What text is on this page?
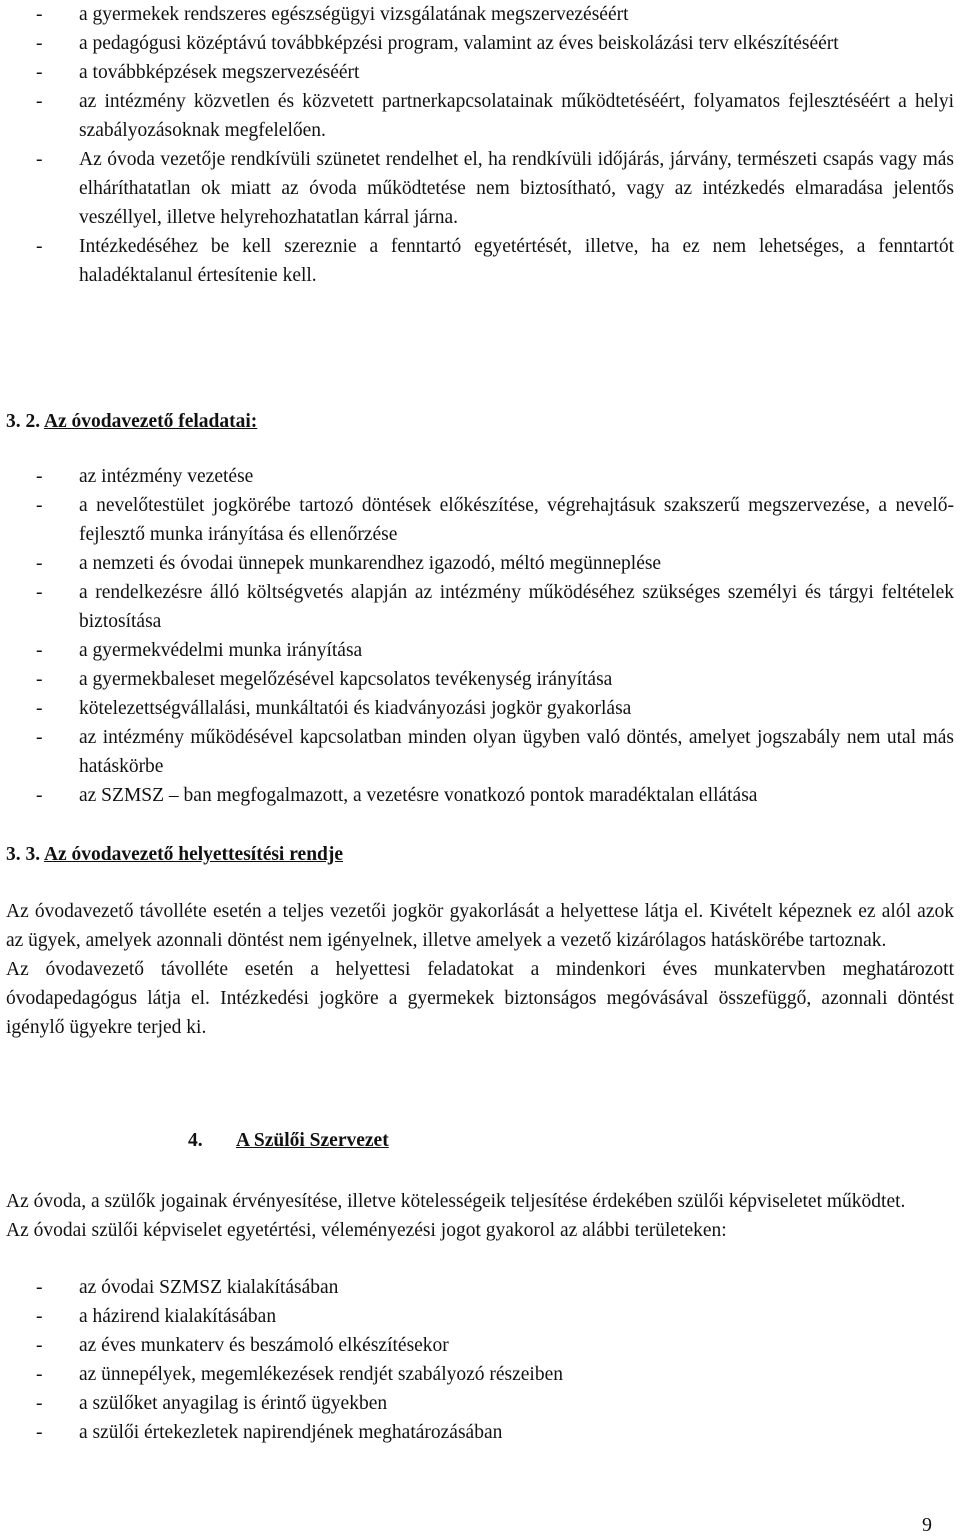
- a gyermekek rendszeres egészségügyi vizsgálatának megszervezéséért
- a pedagógusi középtávú továbbképzési program, valamint az éves beiskolázási terv elkészítéséért
- a továbbképzések megszervezéséért
- az intézmény közvetlen és közvetett partnerkapcsolatainak működtetéséért, folyamatos fejlesztéséért a helyi szabályozásoknak megfelelően.
- Az óvoda vezetője rendkívüli szünetet rendelhet el, ha rendkívüli időjárás, járvány, természeti csapás vagy más elháríthatatlan ok miatt az óvoda működtetése nem biztosítható, vagy az intézkedés elmaradása jelentős veszéllyel, illetve helyrehozhatatlan kárral járna.
- Intézkedéséhez be kell szereznie a fenntartó egyetértését, illetve, ha ez nem lehetséges, a fenntartót haladéktalanul értesítenie kell.
3. 2. Az óvodavezető feladatai:
- az intézmény vezetése
- a nevelőtestület jogkörébe tartozó döntések előkészítése, végrehajtásuk szakszerű megszervezése, a nevelő-fejlesztő munka irányítása és ellenőrzése
- a nemzeti és óvodai ünnepek munkarendhez igazodó, méltó megünneplése
- a rendelkezésre álló költségvetés alapján az intézmény működéséhez szükséges személyi és tárgyi feltételek biztosítása
- a gyermekvédelmi munka irányítása
- a gyermekbaleset megelőzésével kapcsolatos tevékenység irányítása
- kötelezettségvállalási, munkáltatói és kiadványozási jogkör gyakorlása
- az intézmény működésével kapcsolatban minden olyan ügyben való döntés, amelyet jogszabály nem utal más hatáskörbe
- az SZMSZ – ban megfogalmazott, a vezetésre vonatkozó pontok maradéktalan ellátása
3. 3. Az óvodavezető helyettesítési rendje

Az óvodavezető távolléte esetén a teljes vezetői jogkör gyakorlását a helyettese látja el. Kivételt képeznek ez alól azok az ügyek, amelyek azonnali döntést nem igényelnek, illetve amelyek a vezető kizárólagos hatáskörébe tartoznak.

Az óvodavezető távolléte esetén a helyettesi feladatokat a mindenkori éves munkatervben meghatározott óvodapedagógus látja el. Intézkedési jogköre a gyermekek biztonságos megóvásával összefüggő, azonnali döntést igénylő ügyekre terjed ki.

4. A Szülői Szervezet

Az óvoda, a szülők jogainak érvényesítése, illetve kötelességeik teljesítése érdekében szülői képviseletet működtet.

Az óvodai szülői képviselet egyetértési, véleményezési jogot gyakorol az alábbi területeken:

- az óvodai SZMSZ kialakításában
- a házirend kialakításában
- az éves munkaterv és beszámoló elkészítésekor
- az ünnepélyek, megemlékezések rendjét szabályozó részeiben
- a szülőket anyagilag is érintő ügyekben
- a szülői értekezletek napirendjének meghatározásában
9
